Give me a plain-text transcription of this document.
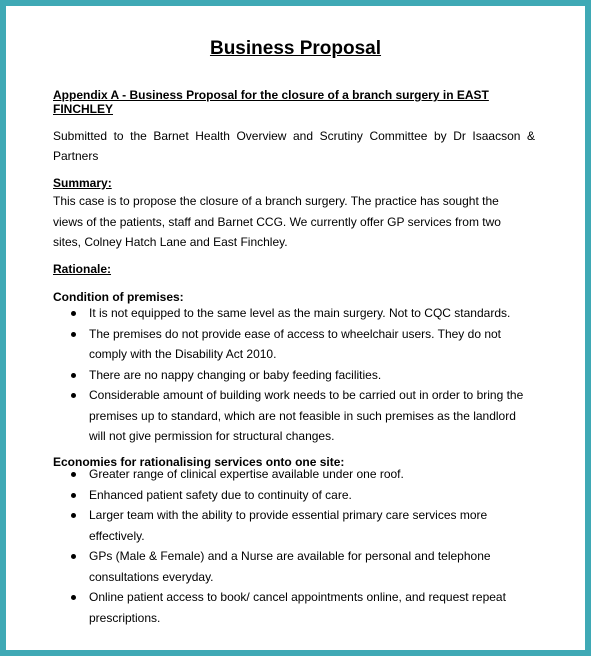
Business Proposal
Appendix A - Business Proposal for the closure of a branch surgery in EAST FINCHLEY
Submitted to the Barnet Health Overview and Scrutiny Committee by Dr Isaacson & Partners
Summary:
This case is to propose the closure of a branch surgery. The practice has sought the views of the patients, staff and Barnet CCG. We currently offer GP services from two sites, Colney Hatch Lane and East Finchley.
Rationale:
Condition of premises:
It is not equipped to the same level as the main surgery. Not to CQC standards.
The premises do not provide ease of access to wheelchair users. They do not comply with the Disability Act 2010.
There are no nappy changing or baby feeding facilities.
Considerable amount of building work needs to be carried out in order to bring the premises up to standard, which are not feasible in such premises as the landlord will not give permission for structural changes.
Economies for rationalising services onto one site:
Greater range of clinical expertise available under one roof.
Enhanced patient safety due to continuity of care.
Larger team with the ability to provide essential primary care services more effectively.
GPs (Male & Female) and a Nurse are available for personal and telephone consultations everyday.
Online patient access to book/ cancel appointments online, and request repeat prescriptions.
